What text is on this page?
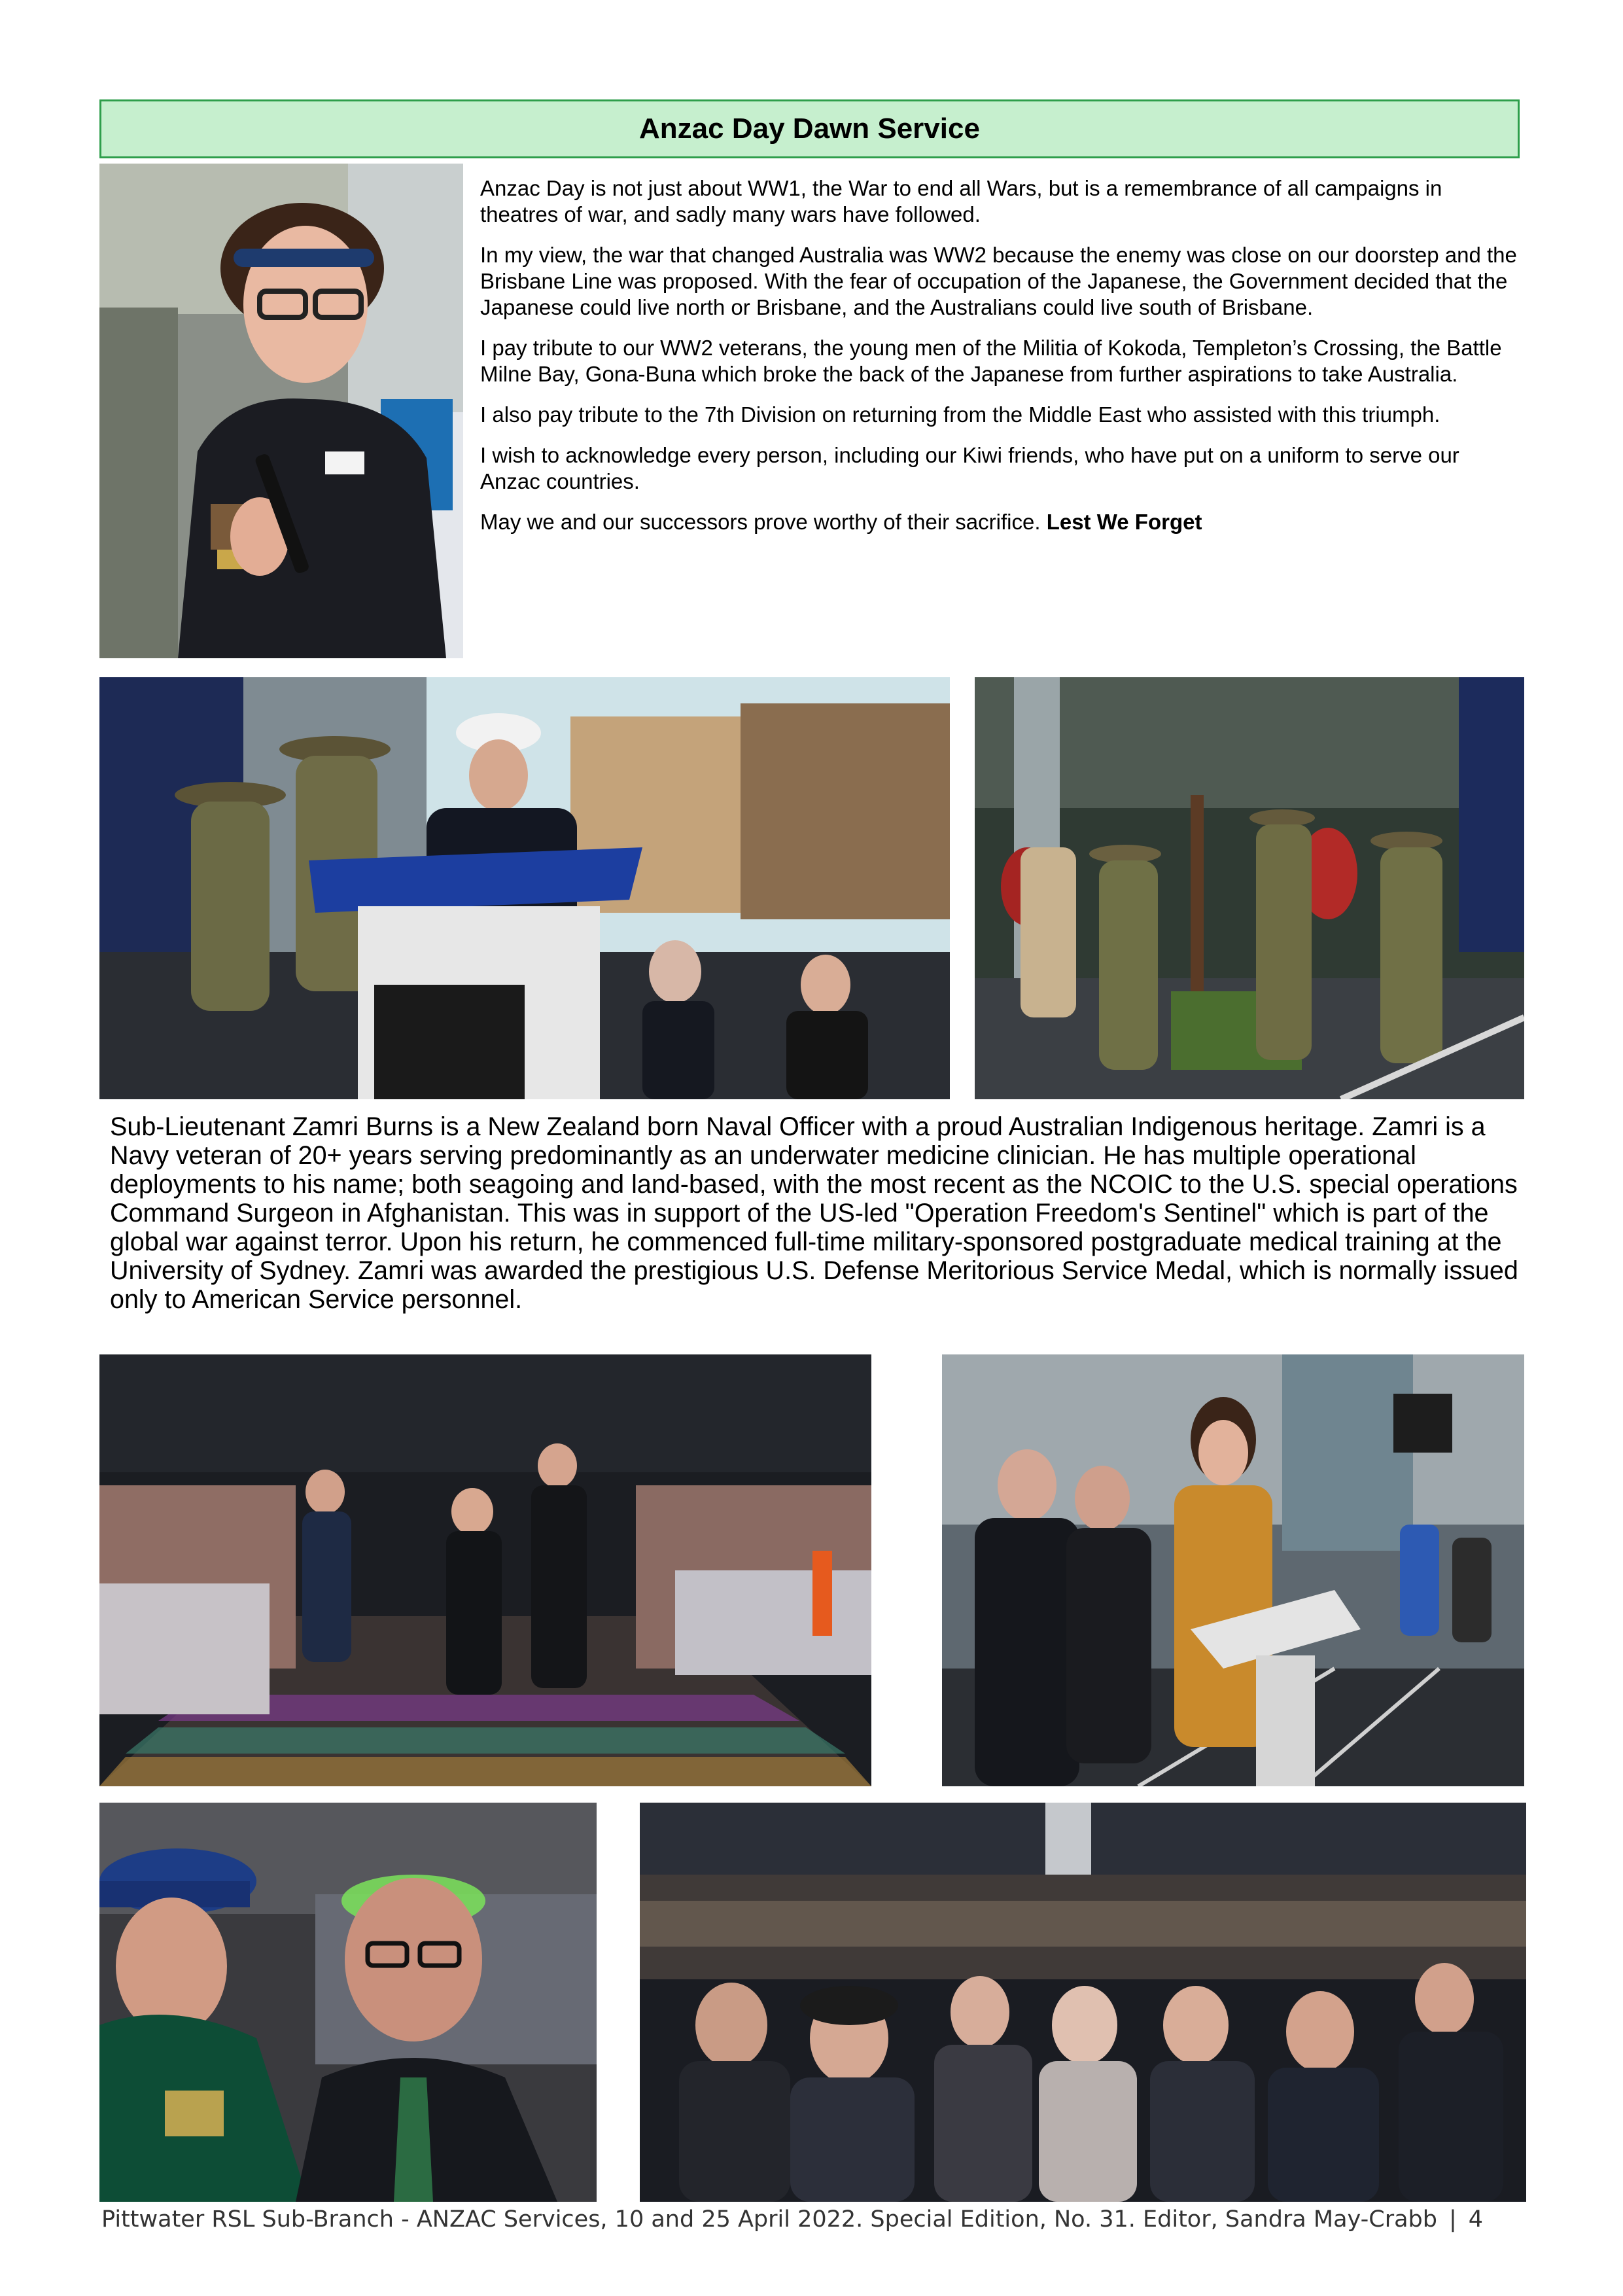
Anzac Day Dawn Service

Anzac Day is not just about WW1, the War to end all Wars, but is a remembrance of all campaigns in theatres of war, and sadly many wars have followed.

In my view, the war that changed Australia was WW2 because the enemy was close on our doorstep and the Brisbane Line was proposed. With the fear of occupation of the Japanese, the Government decided that the Japanese could live north or Brisbane, and the Australians could live south of Brisbane.

I pay tribute to our WW2 veterans, the young men of the Militia of Kokoda, Templeton’s Crossing, the Battle Milne Bay, Gona-Buna which broke the back of the Japanese from further aspirations to take Australia.

I also pay tribute to the 7th Division on returning from the Middle East who assisted with this triumph.

I wish to acknowledge every person, including our Kiwi friends, who have put on a uniform to serve our Anzac countries.

May we and our successors prove worthy of their sacrifice. Lest We Forget

Sub-Lieutenant Zamri Burns is a New Zealand born Naval Officer with a proud Australian Indigenous heritage. Zamri is a Navy veteran of 20+ years serving predominantly as an underwater medicine clinician. He has multiple operational deployments to his name; both seagoing and land-based, with the most recent as the NCOIC to the U.S. special operations Command Surgeon in Afghanistan. This was in support of the US-led "Operation Freedom's Sentinel" which is part of the global war against terror. Upon his return, he commenced full-time military-sponsored postgraduate medical training at the University of Sydney. Zamri was awarded the prestigious U.S. Defense Meritorious Service Medal, which is normally issued only to American Service personnel.

Pittwater RSL Sub-Branch - ANZAC Services, 10 and 25 April 2022. Special Edition, No. 31. Editor, Sandra May-Crabb | 4
